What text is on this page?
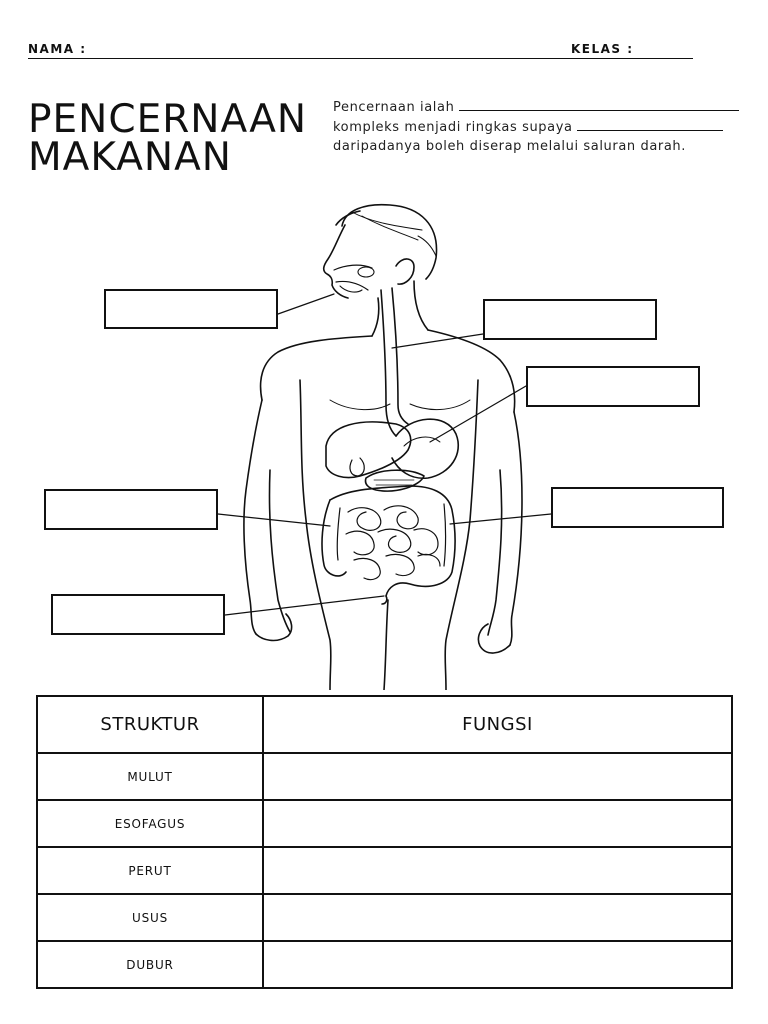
NAMA :	KELAS :
PENCERNAAN
MAKANAN
Pencernaan ialah
kompleks menjadi ringkas supaya
daripadanya boleh diserap melalui saluran darah.
STRUKTUR	FUNGSI
MULUT	
ESOFAGUS	
PERUT	
USUS	
DUBUR	
